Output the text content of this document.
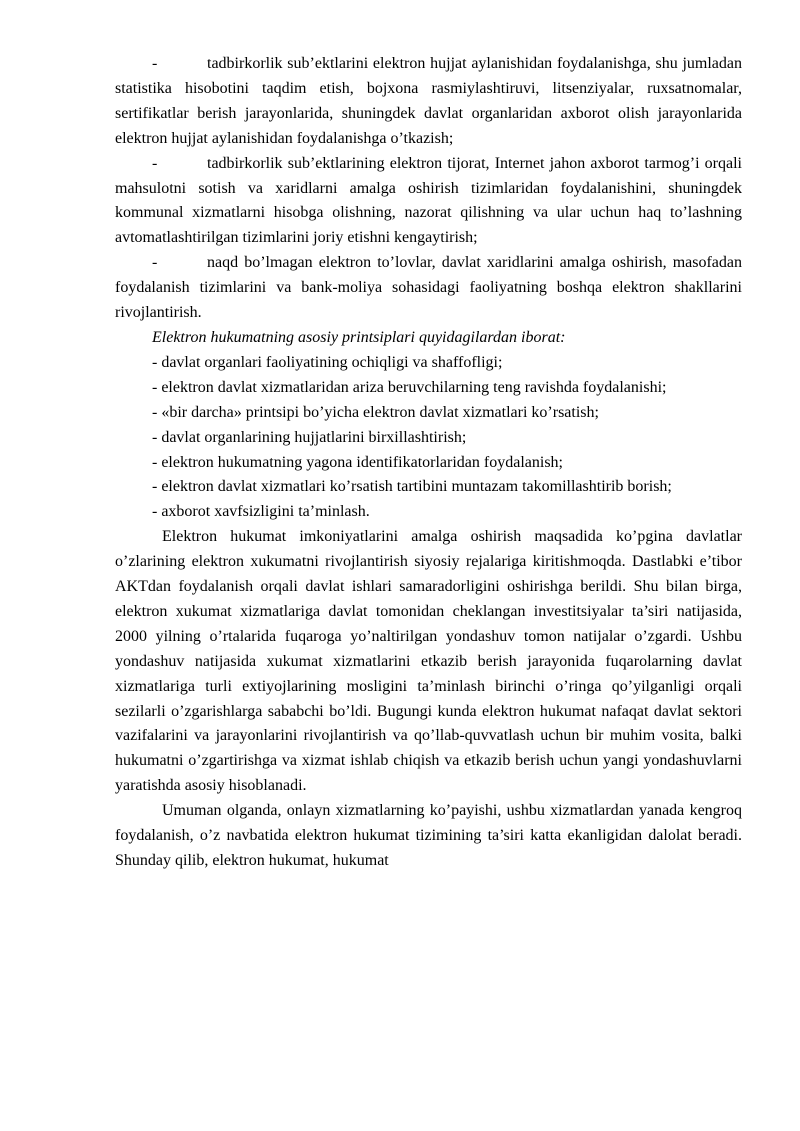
-	tadbirkorlik sub’ektlarini elektron hujjat aylanishidan foydalanishga, shu jumladan statistika hisobotini taqdim etish, bojxona rasmiylashtiruvi, litsenziyalar, ruxsatnomalar, sertifikatlar berish jarayonlarida, shuningdek davlat organlaridan axborot olish jarayonlarida elektron hujjat aylanishidan foydalanishga o’tkazish;

-	tadbirkorlik sub’ektlarining elektron tijorat, Internet jahon axborot tarmog’i orqali mahsulotni sotish va xaridlarni amalga oshirish tizimlaridan foydalanishini, shuningdek kommunal xizmatlarni hisobga olishning, nazorat qilishning va ular uchun haq to’lashning avtomatlashtirilgan tizimlarini joriy etishni kengaytirish;

-	naqd bo’lmagan elektron to’lovlar, davlat xaridlarini amalga oshirish, masofadan foydalanish tizimlarini va bank-moliya sohasidagi faoliyatning boshqa elektron shakllarini rivojlantirish.

Elektron hukumatning asosiy printsiplari quyidagilardan iborat:

- davlat organlari faoliyatining ochiqligi va shaffofligi;

- elektron davlat xizmatlaridan ariza beruvchilarning teng ravishda foydalanishi;

- «bir darcha» printsipi bo’yicha elektron davlat xizmatlari ko’rsatish;

- davlat organlarining hujjatlarini birxillashtirish;

- elektron hukumatning yagona identifikatorlaridan foydalanish;

- elektron davlat xizmatlari ko’rsatish tartibini muntazam takomillashtirib borish;

- axborot xavfsizligini ta’minlash.

Elektron hukumat imkoniyatlarini amalga oshirish maqsadida ko’pgina davlatlar o’zlarining elektron xukumatni rivojlantirish siyosiy rejalariga kiritishmoqda. Dastlabki e’tibor AKTdan foydalanish orqali davlat ishlari samaradorligini oshirishga berildi. Shu bilan birga, elektron xukumat xizmatlariga davlat tomonidan cheklangan investitsiyalar ta’siri natijasida, 2000 yilning o’rtalarida fuqaroga yo’naltirilgan yondashuv tomon natijalar o’zgardi. Ushbu yondashuv natijasida xukumat xizmatlarini etkazib berish jarayonida fuqarolarning davlat xizmatlariga turli extiyojlarining mosligini ta’minlash birinchi o’ringa qo’yilganligi orqali sezilarli o’zgarishlarga sababchi bo’ldi. Bugungi kunda elektron hukumat nafaqat davlat sektori vazifalarini va jarayonlarini rivojlantirish va qo’llab-quvvatlash uchun bir muhim vosita, balki hukumatni o’zgartirishga va xizmat ishlab chiqish va etkazib berish uchun yangi yondashuvlarni yaratishda asosiy hisoblanadi.

Umuman olganda, onlayn xizmatlarning ko’payishi, ushbu xizmatlardan yanada kengroq foydalanish, o’z navbatida elektron hukumat tizimining ta’siri katta ekanligidan dalolat beradi. Shunday qilib, elektron hukumat, hukumat
